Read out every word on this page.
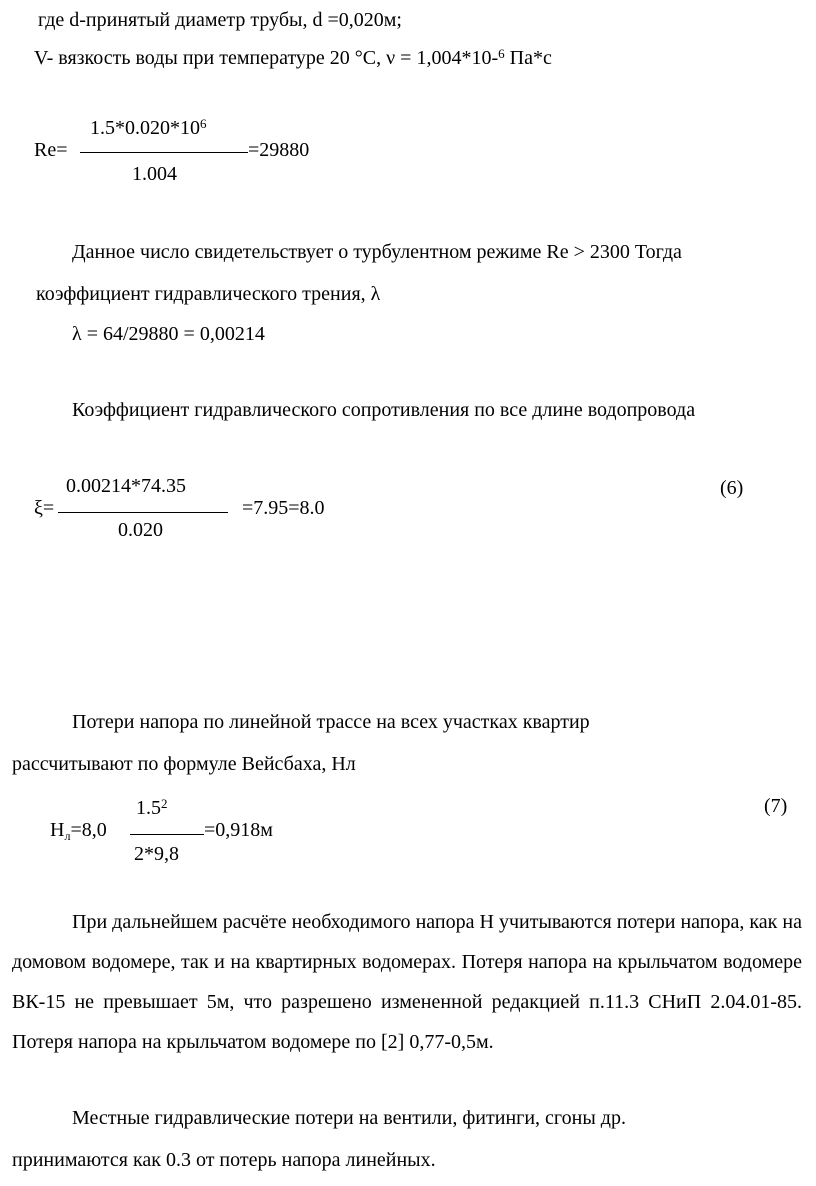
где d-принятый диаметр трубы, d =0,020м;
V- вязкость воды при температуре 20 °С, ν = 1,004*10-$^6$ Па*с
$1.5*0.020*10^6$
Re=	=29880
1.004
Данное число свидетельствует о турбулентном режиме Re > 2300 Тогда
коэффициент гидравлического трения, λ
λ = 64/29880 = 0,00214
Коэффициент гидравлического сопротивления по все длине водопровода
0.00214*74.35
ξ=	=7.95=8.0
0.020
(6)
Потери напора по линейной трассе на всех участках квартир
рассчитывают по формуле Вейсбаха, Нл
$1.5^2$
$Н_л=8,0$	=0,918м
2*9,8
(7)
При дальнейшем расчёте необходимого напора Н учитываются потери напора, как на домовом водомере, так и на квартирных водомерах. Потеря напора на крыльчатом водомере ВК-15 не превышает 5м, что разрешено измененной редакцией п.11.3 СНиП 2.04.01-85. Потеря напора на крыльчатом водомере по [2] 0,77-0,5м.
Местные гидравлические потери на вентили, фитинги, сгоны др.
принимаются как 0.3 от потерь напора линейных.
